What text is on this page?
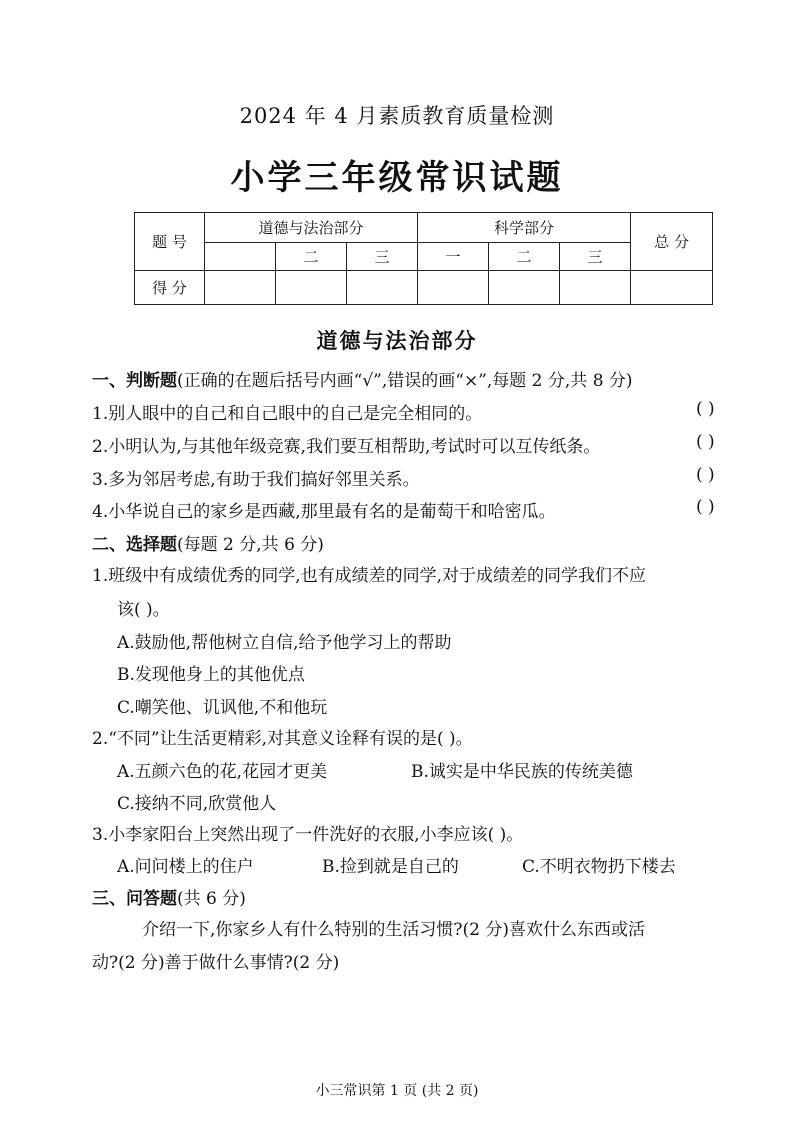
2024 年 4 月素质教育质量检测
小学三年级常识试题
题 号	道德与法治部分			科学部分			总 分
		二	三	一	二	三	
得 分							
道德与法治部分
一、判断题(正确的在题后括号内画“√”,错误的画“×”,每题 2 分,共 8 分)
1.别人眼中的自己和自己眼中的自己是完全相同的。	( )
2.小明认为,与其他年级竞赛,我们要互相帮助,考试时可以互传纸条。	( )
3.多为邻居考虑,有助于我们搞好邻里关系。	( )
4.小华说自己的家乡是西藏,那里最有名的是葡萄干和哈密瓜。	( )
二、选择题(每题 2 分,共 6 分)
1.班级中有成绩优秀的同学,也有成绩差的同学,对于成绩差的同学我们不应
该( )。
A.鼓励他,帮他树立自信,给予他学习上的帮助
B.发现他身上的其他优点
C.嘲笑他、讥讽他,不和他玩
2.“不同”让生活更精彩,对其意义诠释有误的是( )。
A.五颜六色的花,花园才更美	B.诚实是中华民族的传统美德
C.接纳不同,欣赏他人
3.小李家阳台上突然出现了一件洗好的衣服,小李应该( )。
A.问问楼上的住户	B.捡到就是自己的	C.不明衣物扔下楼去
三、问答题(共 6 分)
介绍一下,你家乡人有什么特别的生活习惯?(2 分)喜欢什么东西或活
动?(2 分)善于做什么事情?(2 分)
小三常识第 1 页 (共 2 页)
